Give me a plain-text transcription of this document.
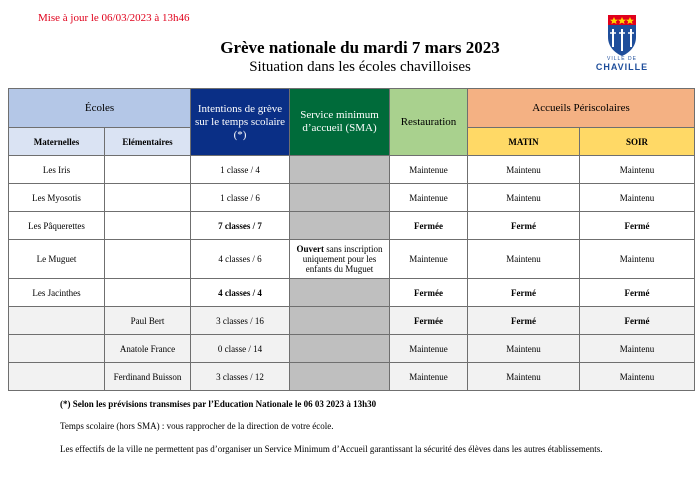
Mise à jour le 06/03/2023 à 13h46
Grève nationale du mardi 7 mars 2023
Situation dans les écoles chavilloises	VILLE DE
CHAVILLE
Écoles		Intentions de grève sur le temps scolaire (*)	Service minimum d’accueil (SMA)	Restauration	Accueils Périscolaires	
Maternelles	Elémentaires				MATIN	SOIR
Les Iris		1 classe / 4		Maintenue	Maintenu	Maintenu
Les Myosotis		1 classe / 6		Maintenue	Maintenu	Maintenu
Les Pâquerettes		7 classes / 7		Fermée	Fermé	Fermé
Le Muguet		4 classes / 6	Ouvert sans inscription uniquement pour les enfants du Muguet	Maintenue	Maintenu	Maintenu
Les Jacinthes		4 classes / 4		Fermée	Fermé	Fermé
	Paul Bert	3 classes / 16		Fermée	Fermé	Fermé
	Anatole France	0 classe / 14		Maintenue	Maintenu	Maintenu
	Ferdinand Buisson	3 classes / 12		Maintenue	Maintenu	Maintenu

(*) Selon les prévisions transmises par l’Education Nationale le 06 03 2023 à 13h30

Temps scolaire (hors SMA) : vous rapprocher de la direction de votre école.

Les effectifs de la ville ne permettent pas d’organiser un Service Minimum d’Accueil garantissant la sécurité des élèves dans les autres établissements.
